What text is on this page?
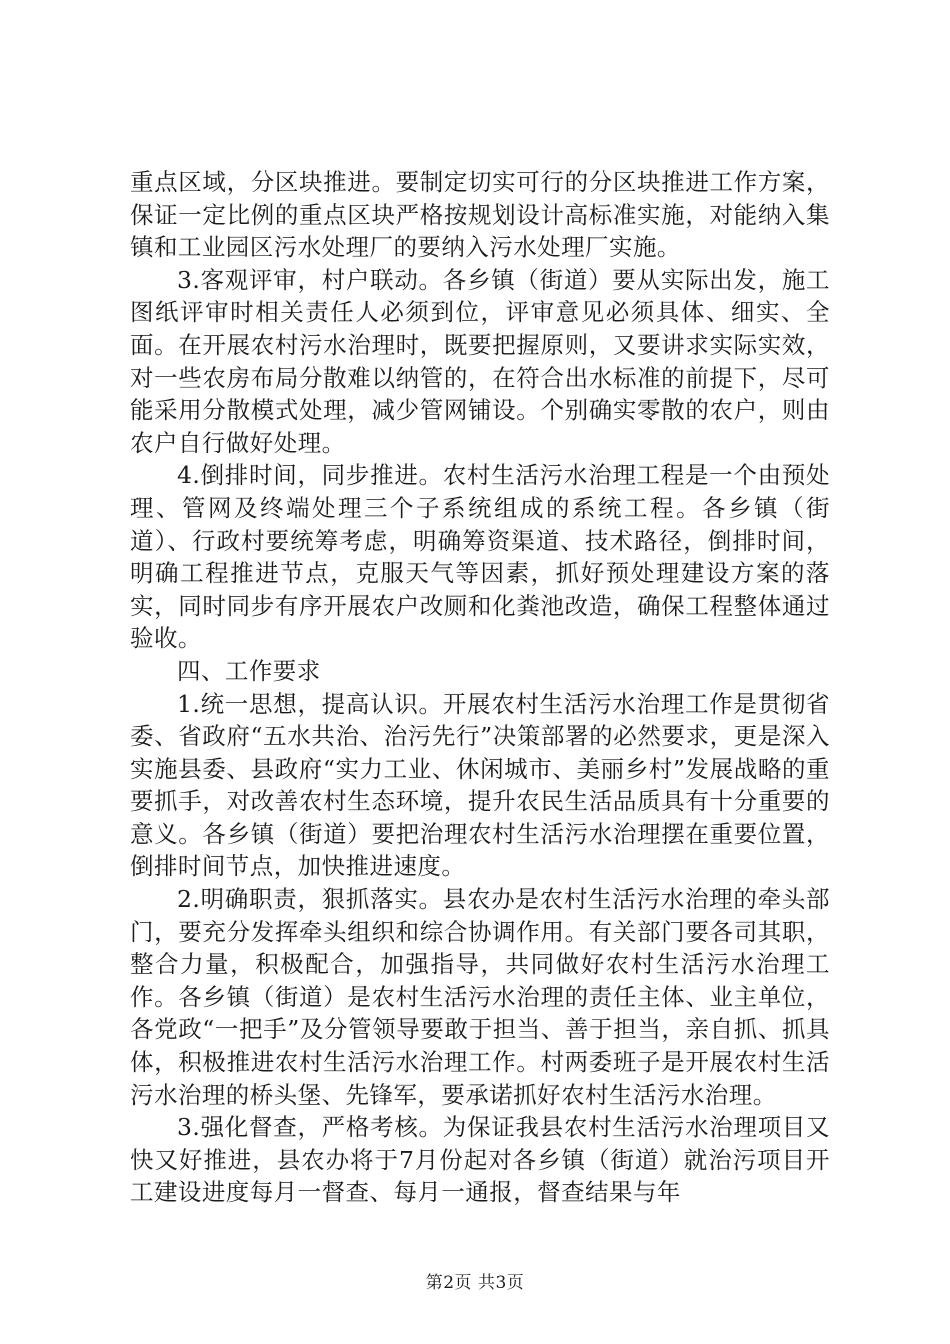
重点区域，分区块推进。要制定切实可行的分区块推进工作方案，保证一定比例的重点区块严格按规划设计高标准实施，对能纳入集镇和工业园区污水处理厂的要纳入污水处理厂实施。

3.客观评审，村户联动。各乡镇（街道）要从实际出发，施工图纸评审时相关责任人必须到位，评审意见必须具体、细实、全面。在开展农村污水治理时，既要把握原则，又要讲求实际实效，对一些农房布局分散难以纳管的，在符合出水标准的前提下，尽可能采用分散模式处理，减少管网铺设。个别确实零散的农户，则由农户自行做好处理。

4.倒排时间，同步推进。农村生活污水治理工程是一个由预处理、管网及终端处理三个子系统组成的系统工程。各乡镇（街道）、行政村要统筹考虑，明确筹资渠道、技术路径，倒排时间，明确工程推进节点，克服天气等因素，抓好预处理建设方案的落实，同时同步有序开展农户改厕和化粪池改造，确保工程整体通过验收。

四、工作要求

1.统一思想，提高认识。开展农村生活污水治理工作是贯彻省委、省政府“五水共治、治污先行”决策部署的必然要求，更是深入实施县委、县政府“实力工业、休闲城市、美丽乡村”发展战略的重要抓手，对改善农村生态环境，提升农民生活品质具有十分重要的意义。各乡镇（街道）要把治理农村生活污水治理摆在重要位置，倒排时间节点，加快推进速度。

2.明确职责，狠抓落实。县农办是农村生活污水治理的牵头部门，要充分发挥牵头组织和综合协调作用。有关部门要各司其职，整合力量，积极配合，加强指导，共同做好农村生活污水治理工作。各乡镇（街道）是农村生活污水治理的责任主体、业主单位，各党政“一把手”及分管领导要敢于担当、善于担当，亲自抓、抓具体，积极推进农村生活污水治理工作。村两委班子是开展农村生活污水治理的桥头堡、先锋军，要承诺抓好农村生活污水治理。

3.强化督查，严格考核。为保证我县农村生活污水治理项目又快又好推进，县农办将于7月份起对各乡镇（街道）就治污项目开工建设进度每月一督查、每月一通报，督查结果与年

第2页 共3页
